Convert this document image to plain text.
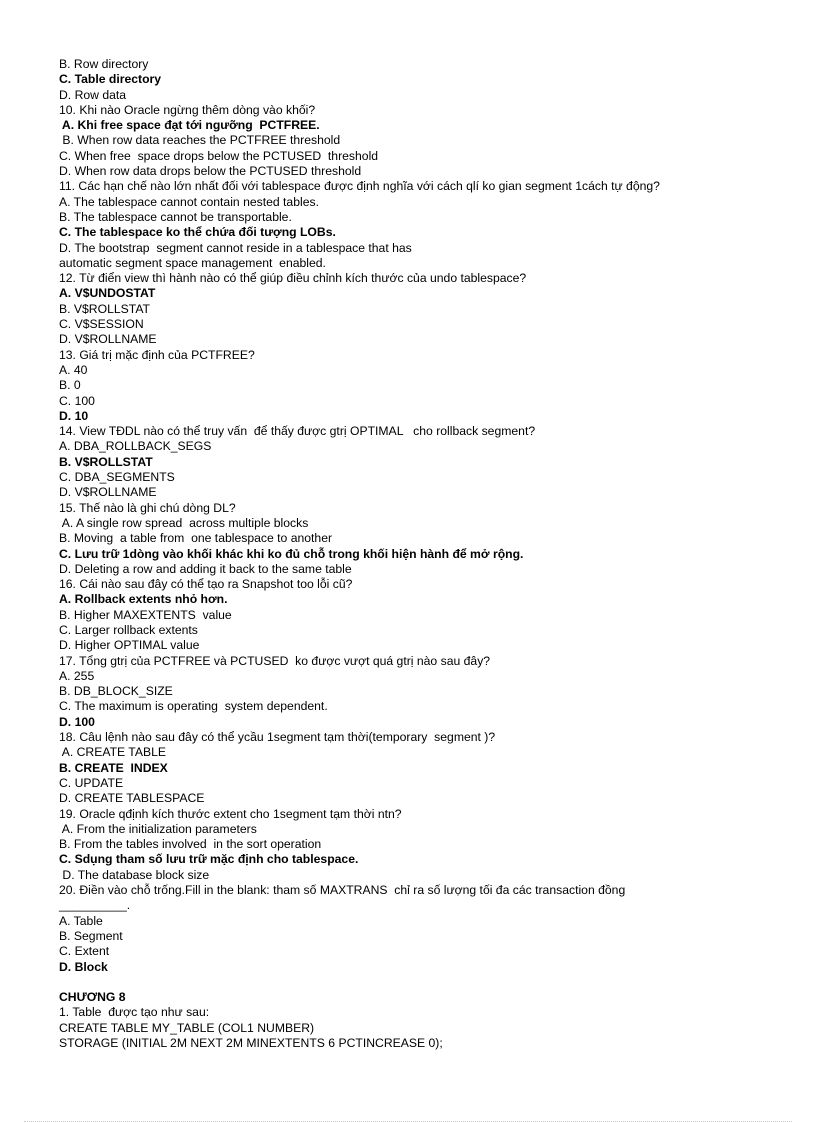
B. Row directory
C. Table directory
D. Row data
10. Khi nào Oracle ngừng thêm dòng vào khối?
A. Khi free space đạt tới ngưỡng  PCTFREE.
B. When row data reaches the PCTFREE threshold
C. When free  space drops below the PCTUSED  threshold
D. When row data drops below the PCTUSED threshold
11. Các hạn chế nào lớn nhất đối với tablespace được định nghĩa với cách qlí ko gian segment 1cách tự động?
A. The tablespace cannot contain nested tables.
B. The tablespace cannot be transportable.
C. The tablespace ko thể chứa đối tượng LOBs.
D. The bootstrap  segment cannot reside in a tablespace that has
automatic segment space management  enabled.
12. Từ điển view thì hành nào có thể giúp điều chỉnh kích thước của undo tablespace?
A. V$UNDOSTAT
B. V$ROLLSTAT
C. V$SESSION
D. V$ROLLNAME
13. Giá trị mặc định của PCTFREE?
A. 40
B. 0
C. 100
D. 10
14. View TĐDL nào có thể truy vấn  để thấy được gtrị OPTIMAL   cho rollback segment?
A. DBA_ROLLBACK_SEGS
B. V$ROLLSTAT
C. DBA_SEGMENTS
D. V$ROLLNAME
15. Thế nào là ghi chú dòng DL?
A. A single row spread  across multiple blocks
B. Moving  a table from  one tablespace to another
C. Lưu trữ 1dòng vào khối khác khi ko đủ chỗ trong khối hiện hành để mở rộng.
D. Deleting a row and adding it back to the same table
16. Cái nào sau đây có thể tạo ra Snapshot too lỗi cũ?
A. Rollback extents nhỏ hơn.
B. Higher MAXEXTENTS  value
C. Larger rollback extents
D. Higher OPTIMAL value
17. Tổng gtrị của PCTFREE và PCTUSED  ko được vượt quá gtrị nào sau đây?
A. 255
B. DB_BLOCK_SIZE
C. The maximum is operating  system dependent.
D. 100
18. Câu lệnh nào sau đây có thể ycầu 1segment tạm thời(temporary  segment )?
A. CREATE TABLE
B. CREATE  INDEX
C. UPDATE
D. CREATE TABLESPACE
19. Oracle qđịnh kích thước extent cho 1segment tạm thời ntn?
A. From the initialization parameters
B. From the tables involved  in the sort operation
C. Sdụng tham số lưu trữ mặc định cho tablespace.
D. The database block size
20. Điền vào chỗ trống.Fill in the blank: tham số MAXTRANS  chỉ ra số lượng tối đa các transaction đồng
__________.
A. Table
B. Segment
C. Extent
D. Block
CHƯƠNG 8
1. Table  được tạo như sau:
CREATE TABLE MY_TABLE (COL1 NUMBER)
STORAGE (INITIAL 2M NEXT 2M MINEXTENTS 6 PCTINCREASE 0);
